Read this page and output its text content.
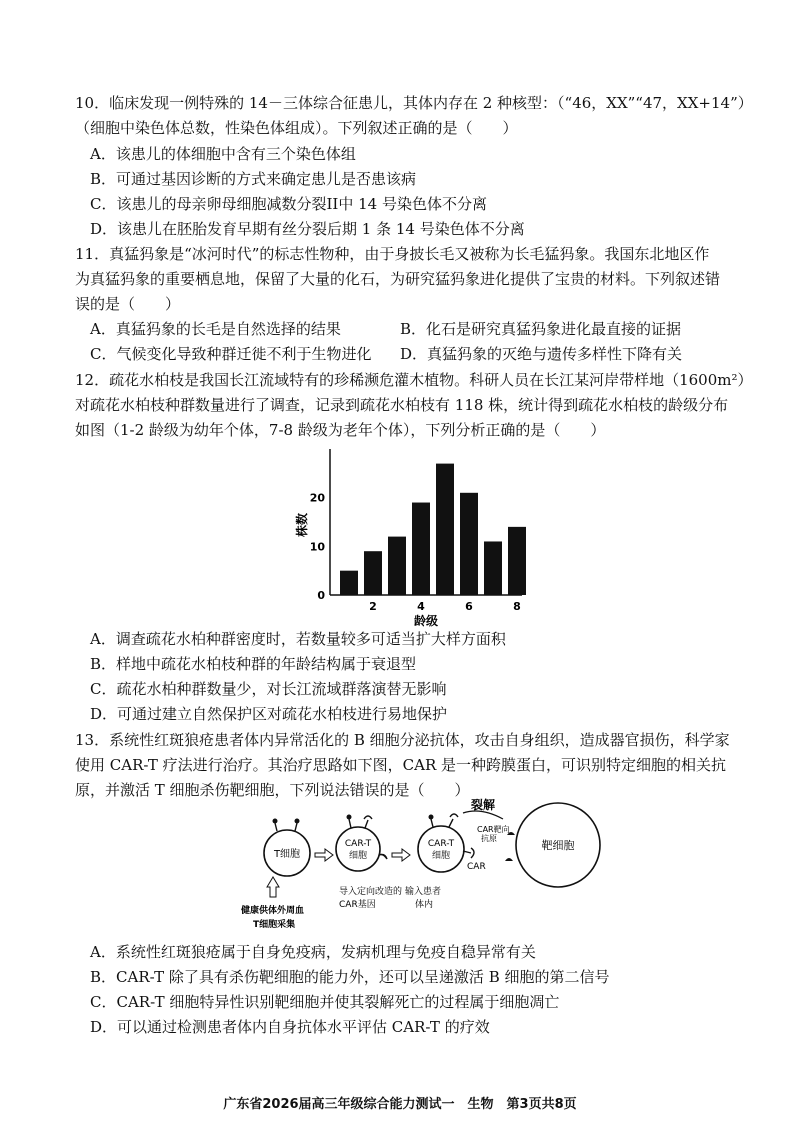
10．临床发现一例特殊的 14－三体综合征患儿，其体内存在 2 种核型：（“46，XX”“47，XX+14”）
（细胞中染色体总数，性染色体组成）。下列叙述正确的是（　　）
A．该患儿的体细胞中含有三个染色体组
B．可通过基因诊断的方式来确定患儿是否患该病
C．该患儿的母亲卵母细胞减数分裂II中 14 号染色体不分离
D．该患儿在胚胎发育早期有丝分裂后期 1 条 14 号染色体不分离
11．真猛犸象是“冰河时代”的标志性物种，由于身披长毛又被称为长毛猛犸象。我国东北地区作
为真猛犸象的重要栖息地，保留了大量的化石，为研究猛犸象进化提供了宝贵的材料。下列叙述错
误的是（　　）
A．真猛犸象的长毛是自然选择的结果	B．化石是研究真猛犸象进化最直接的证据
C．气候变化导致种群迁徙不利于生物进化 D．真猛犸象的灭绝与遗传多样性下降有关
12．疏花水柏枝是我国长江流域特有的珍稀濒危灌木植物。科研人员在长江某河岸带样地（1600m²）
对疏花水柏枝种群数量进行了调查，记录到疏花水柏枝有 118 株，统计得到疏花水柏枝的龄级分布
如图（1-2 龄级为幼年个体，7-8 龄级为老年个体），下列分析正确的是（　　）
0
10
20
2	4	6	8
株数
龄级
A．调查疏花水柏种群密度时，若数量较多可适当扩大样方面积
B．样地中疏花水柏枝种群的年龄结构属于衰退型
C．疏花水柏种群数量少，对长江流域群落演替无影响
D．可通过建立自然保护区对疏花水柏枝进行易地保护
13．系统性红斑狼疮患者体内异常活化的 B 细胞分泌抗体，攻击自身组织，造成器官损伤，科学家
使用 CAR-T 疗法进行治疗。其治疗思路如下图，CAR 是一种跨膜蛋白，可识别特定细胞的相关抗
原，并激活 T 细胞杀伤靶细胞，下列说法错误的是（　　）
T细胞
CAR-T
细胞
CAR-T
细胞
裂解
CAR靶向
抗原
CAR
靶细胞
导入定向改造的
CAR基因
输入患者
体内
健康供体外周血
T细胞采集
A．系统性红斑狼疮属于自身免疫病，发病机理与免疫自稳异常有关
B．CAR-T 除了具有杀伤靶细胞的能力外，还可以呈递激活 B 细胞的第二信号
C．CAR-T 细胞特异性识别靶细胞并使其裂解死亡的过程属于细胞凋亡
D．可以通过检测患者体内自身抗体水平评估 CAR-T 的疗效
广东省2026届高三年级综合能力测试一　生物　第3页共8页
